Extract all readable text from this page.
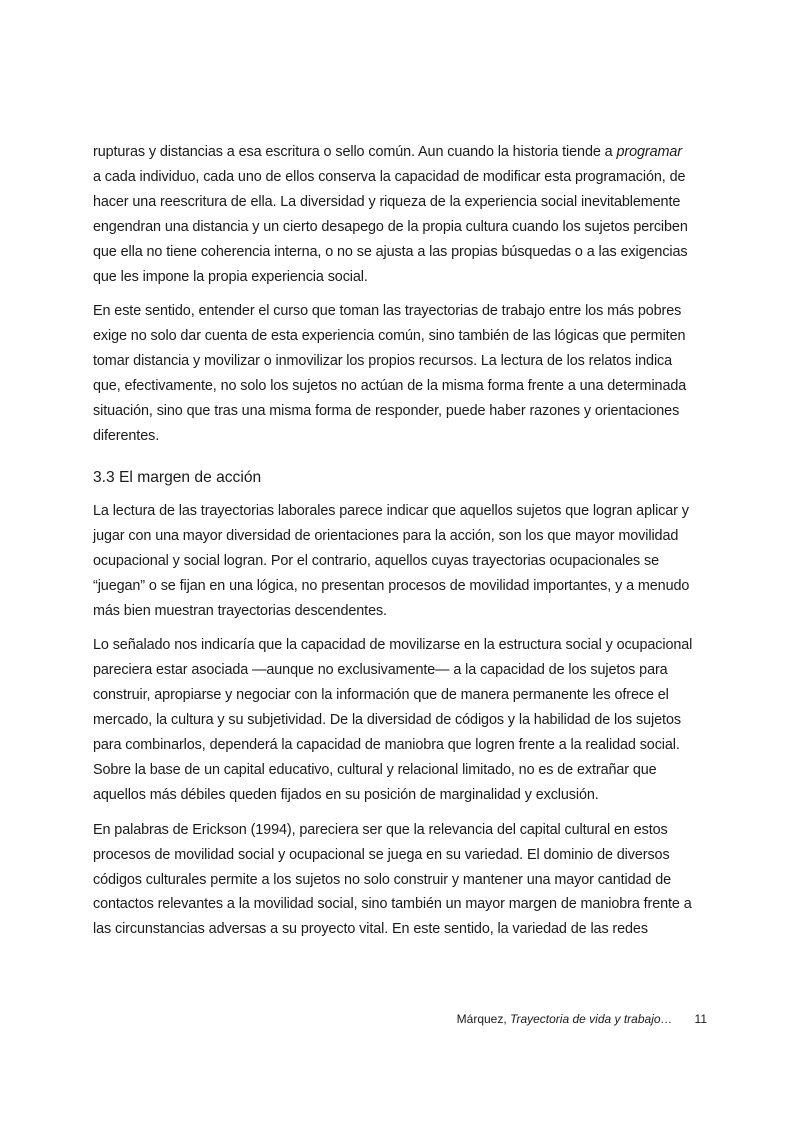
rupturas y distancias a esa escritura o sello común. Aun cuando la historia tiende a programar
a cada individuo, cada uno de ellos conserva la capacidad de modificar esta programación, de
hacer una reescritura de ella. La diversidad y riqueza de la experiencia social inevitablemente
engendran una distancia y un cierto desapego de la propia cultura cuando los sujetos perciben
que ella no tiene coherencia interna, o no se ajusta a las propias búsquedas o a las exigencias
que les impone la propia experiencia social.

En este sentido, entender el curso que toman las trayectorias de trabajo entre los más pobres
exige no solo dar cuenta de esta experiencia común, sino también de las lógicas que permiten
tomar distancia y movilizar o inmovilizar los propios recursos. La lectura de los relatos indica
que, efectivamente, no solo los sujetos no actúan de la misma forma frente a una determinada
situación, sino que tras una misma forma de responder, puede haber razones y orientaciones
diferentes.

3.3 El margen de acción

La lectura de las trayectorias laborales parece indicar que aquellos sujetos que logran aplicar y
jugar con una mayor diversidad de orientaciones para la acción, son los que mayor movilidad
ocupacional y social logran. Por el contrario, aquellos cuyas trayectorias ocupacionales se
“juegan” o se fijan en una lógica, no presentan procesos de movilidad importantes, y a menudo
más bien muestran trayectorias descendentes.

Lo señalado nos indicaría que la capacidad de movilizarse en la estructura social y ocupacional
pareciera estar asociada —aunque no exclusivamente— a la capacidad de los sujetos para
construir, apropiarse y negociar con la información que de manera permanente les ofrece el
mercado, la cultura y su subjetividad. De la diversidad de códigos y la habilidad de los sujetos
para combinarlos, dependerá la capacidad de maniobra que logren frente a la realidad social.
Sobre la base de un capital educativo, cultural y relacional limitado, no es de extrañar que
aquellos más débiles queden fijados en su posición de marginalidad y exclusión.

En palabras de Erickson (1994), pareciera ser que la relevancia del capital cultural en estos
procesos de movilidad social y ocupacional se juega en su variedad. El dominio de diversos
códigos culturales permite a los sujetos no solo construir y mantener una mayor cantidad de
contactos relevantes a la movilidad social, sino también un mayor margen de maniobra frente a
las circunstancias adversas a su proyecto vital. En este sentido, la variedad de las redes

Márquez, Trayectoria de vida y trabajo… 11
